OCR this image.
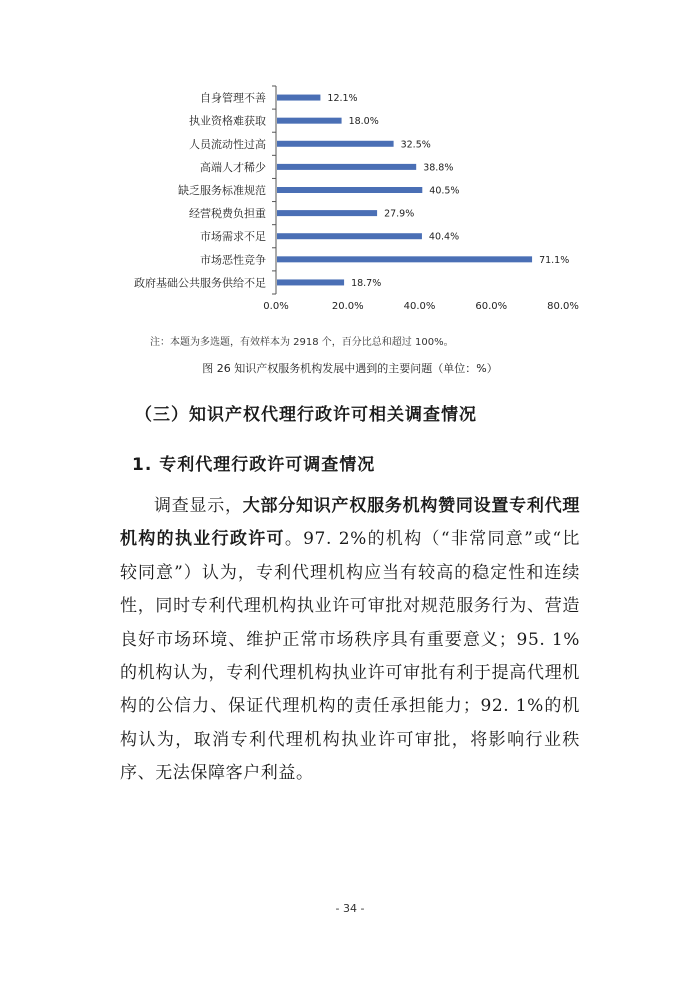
自身管理不善	12.1%
执业资格难获取	18.0%
人员流动性过高	32.5%
高端人才稀少	38.8%
缺乏服务标准规范	40.5%
经营税费负担重	27.9%
市场需求不足	40.4%
市场恶性竞争	71.1%
政府基础公共服务供给不足	18.7%
0.0%	20.0%	40.0%	60.0%	80.0%
注：本题为多选题，有效样本为 2918 个，百分比总和超过 100%。
图 26 知识产权服务机构发展中遇到的主要问题（单位：%）
（三）知识产权代理行政许可相关调查情况
1. 专利代理行政许可调查情况

调查显示，大部分知识产权服务机构赞同设置专利代理机构的执业行政许可。97. 2%的机构（“非常同意”或“比较同意”）认为，专利代理机构应当有较高的稳定性和连续性，同时专利代理机构执业许可审批对规范服务行为、营造良好市场环境、维护正常市场秩序具有重要意义；95. 1%的机构认为，专利代理机构执业许可审批有利于提高代理机构的公信力、保证代理机构的责任承担能力；92. 1%的机构认为，取消专利代理机构执业许可审批，将影响行业秩序、无法保障客户利益。

- 34 -
